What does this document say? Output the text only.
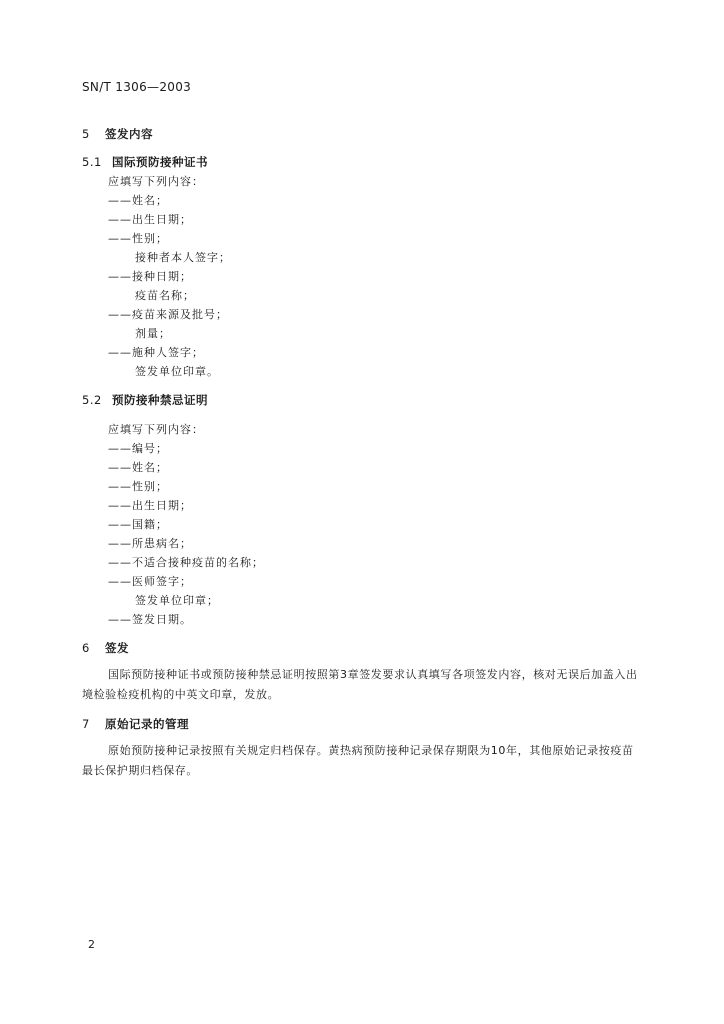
SN/T 1306—2003
5 签发内容
5.1 国际预防接种证书
应填写下列内容：
——姓名；
——出生日期；
——性别；
接种者本人签字；
——接种日期；
疫苗名称；
——疫苗来源及批号；
剂量；
——施种人签字；
签发单位印章。
5.2 预防接种禁忌证明
应填写下列内容：
——编号；
——姓名；
——性别；
——出生日期；
——国籍；
——所患病名；
——不适合接种疫苗的名称；
——医师签字；
签发单位印章；
——签发日期。
6 签发
国际预防接种证书或预防接种禁忌证明按照第3章签发要求认真填写各项签发内容，核对无误后加盖入出境检验检疫机构的中英文印章，发放。
7 原始记录的管理
原始预防接种记录按照有关规定归档保存。黄热病预防接种记录保存期限为10年，其他原始记录按疫苗最长保护期归档保存。
2
